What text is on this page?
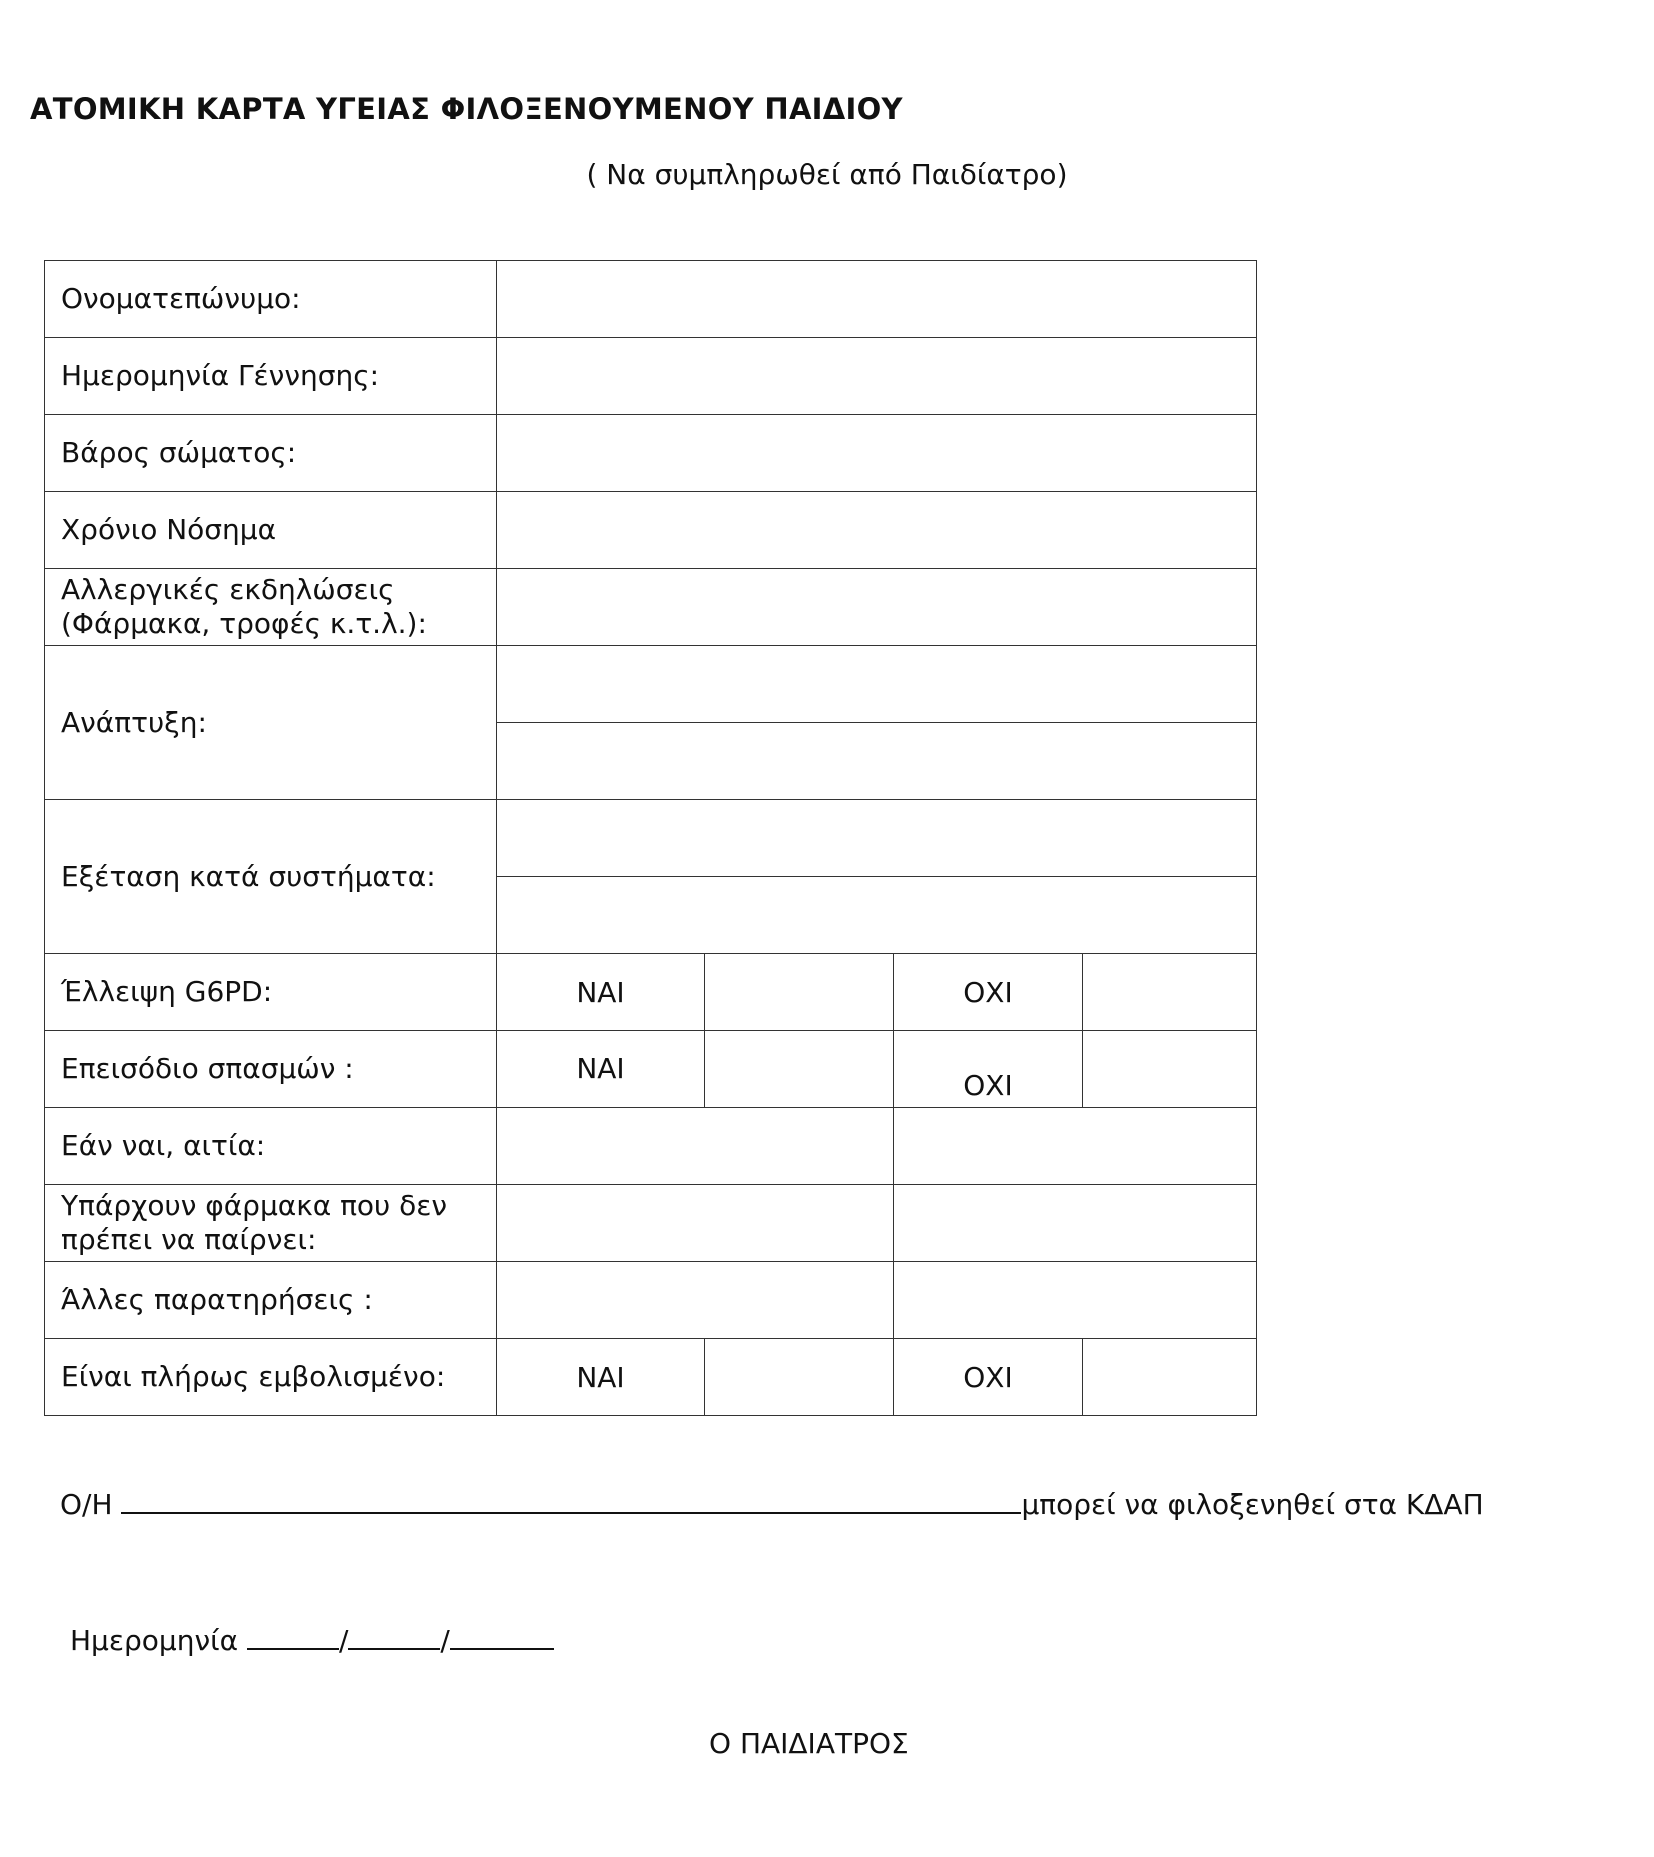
ΑΤΟΜΙΚΗ ΚΑΡΤΑ ΥΓΕΙΑΣ ΦΙΛΟΞΕΝΟΥΜΕΝΟΥ ΠΑΙΔΙΟΥ
( Να συμπληρωθεί από Παιδίατρο)
Ονοματεπώνυμο:				
Ημερομηνία Γέννησης:				
Βάρος σώματος:				
Χρόνιο Νόσημα				

Αλλεργικές εκδηλώσεις
(Φάρμακα, τροφές κ.τ.λ.):				

Ανάπτυξη:				

Εξέταση κατά συστήματα:				

Έλλειψη G6PD:	ΝΑΙ		ΟΧΙ	
Επεισόδιο σπασμών :	ΝΑΙ		ΟΧΙ	
Εάν ναι, αιτία:				

Υπάρχουν φάρμακα που δεν
πρέπει να παίρνει:				

Άλλες παρατηρήσεις :				
Είναι πλήρως εμβολισμένο:	ΝΑΙ		ΟΧΙ	
Ο/Η	μπορεί να φιλοξενηθεί στα ΚΔΑΠ
Ημερομηνία	/	/
Ο ΠΑΙΔΙΑΤΡΟΣ
